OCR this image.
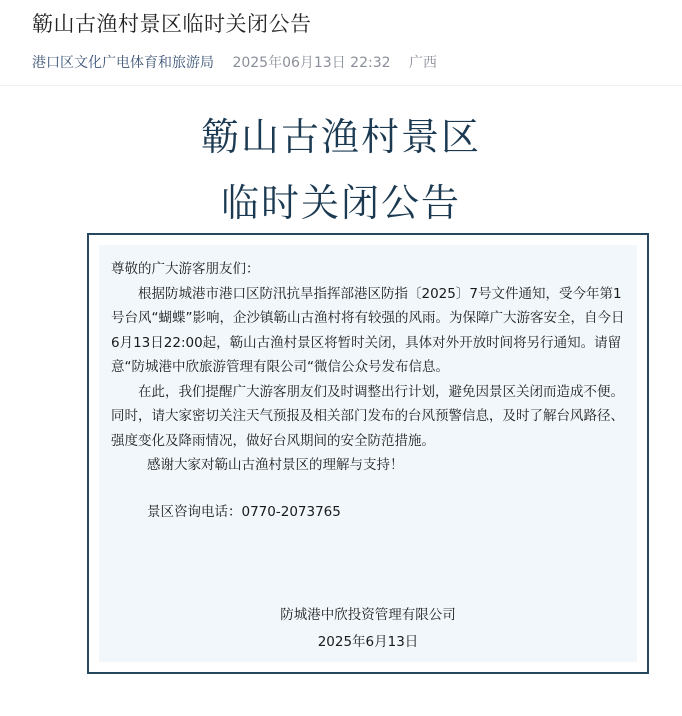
簕山古渔村景区临时关闭公告
港口区文化广电体育和旅游局 2025年06月13日 22:32 广西
簕山古渔村景区
临时关闭公告

尊敬的广大游客朋友们：

根据防城港市港口区防汛抗旱指挥部港区防指〔2025〕7号文件通知，受今年第1号台风“蝴蝶”影响，企沙镇簕山古渔村将有较强的风雨。为保障广大游客安全，自今日6月13日22:00起，簕山古渔村景区将暂时关闭，具体对外开放时间将另行通知。请留意“防城港中欣旅游管理有限公司“微信公众号发布信息。

在此，我们提醒广大游客朋友们及时调整出行计划，避免因景区关闭而造成不便。同时，请大家密切关注天气预报及相关部门发布的台风预警信息，及时了解台风路径、强度变化及降雨情况，做好台风期间的安全防范措施。

感谢大家对簕山古渔村景区的理解与支持！

景区咨询电话：0770-2073765

防城港中欣投资管理有限公司
2025年6月13日
